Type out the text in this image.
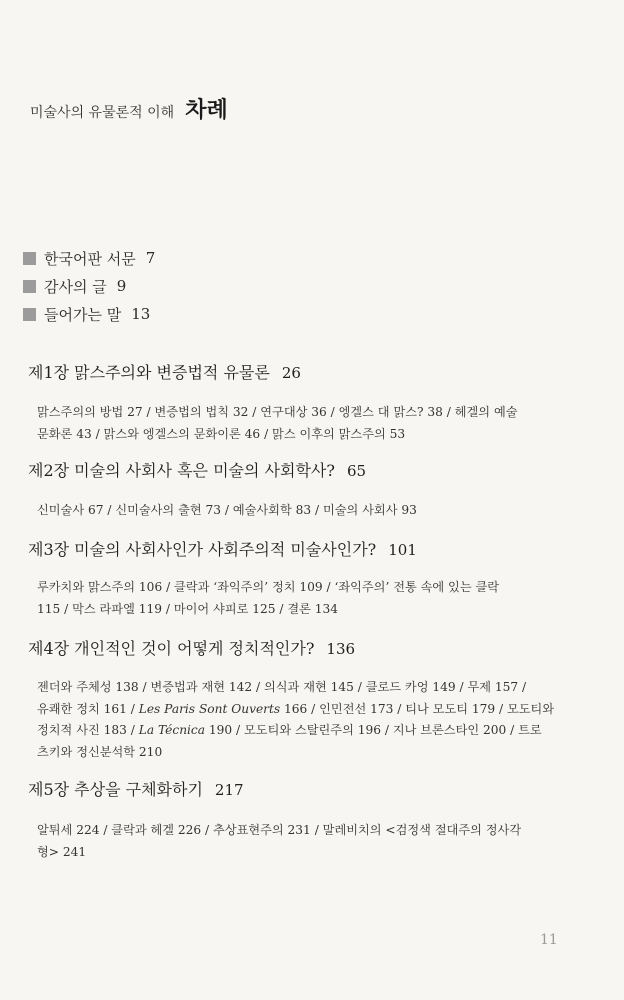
미술사의 유물론적 이해 차례
한국어판 서문 7
감사의 글 9
들어가는 말 13
제1장 맑스주의와 변증법적 유물론 26
맑스주의의 방법 27 / 변증법의 법칙 32 / 연구대상 36 / 엥겔스 대 맑스? 38 / 헤겔의 예술
문화론 43 / 맑스와 엥겔스의 문화이론 46 / 맑스 이후의 맑스주의 53
제2장 미술의 사회사 혹은 미술의 사회학사? 65
신미술사 67 / 신미술사의 출현 73 / 예술사회학 83 / 미술의 사회사 93
제3장 미술의 사회사인가 사회주의적 미술사인가? 101
루카치와 맑스주의 106 / 클락과 ‘좌익주의’ 정치 109 / ‘좌익주의’ 전통 속에 있는 클락
115 / 막스 라파엘 119 / 마이어 샤피로 125 / 결론 134
제4장 개인적인 것이 어떻게 정치적인가? 136
젠더와 주체성 138 / 변증법과 재현 142 / 의식과 재현 145 / 클로드 카엉 149 / 무제 157 /
유쾌한 정치 161 / Les Paris Sont Ouverts 166 / 인민전선 173 / 티나 모도티 179 / 모도티와
정치적 사진 183 / La Técnica 190 / 모도티와 스탈린주의 196 / 지나 브론스타인 200 / 트로
츠키와 정신분석학 210
제5장 추상을 구체화하기 217
알튀세 224 / 클락과 헤겔 226 / 추상표현주의 231 / 말레비치의 <검정색 절대주의 정사각
형> 241
11
